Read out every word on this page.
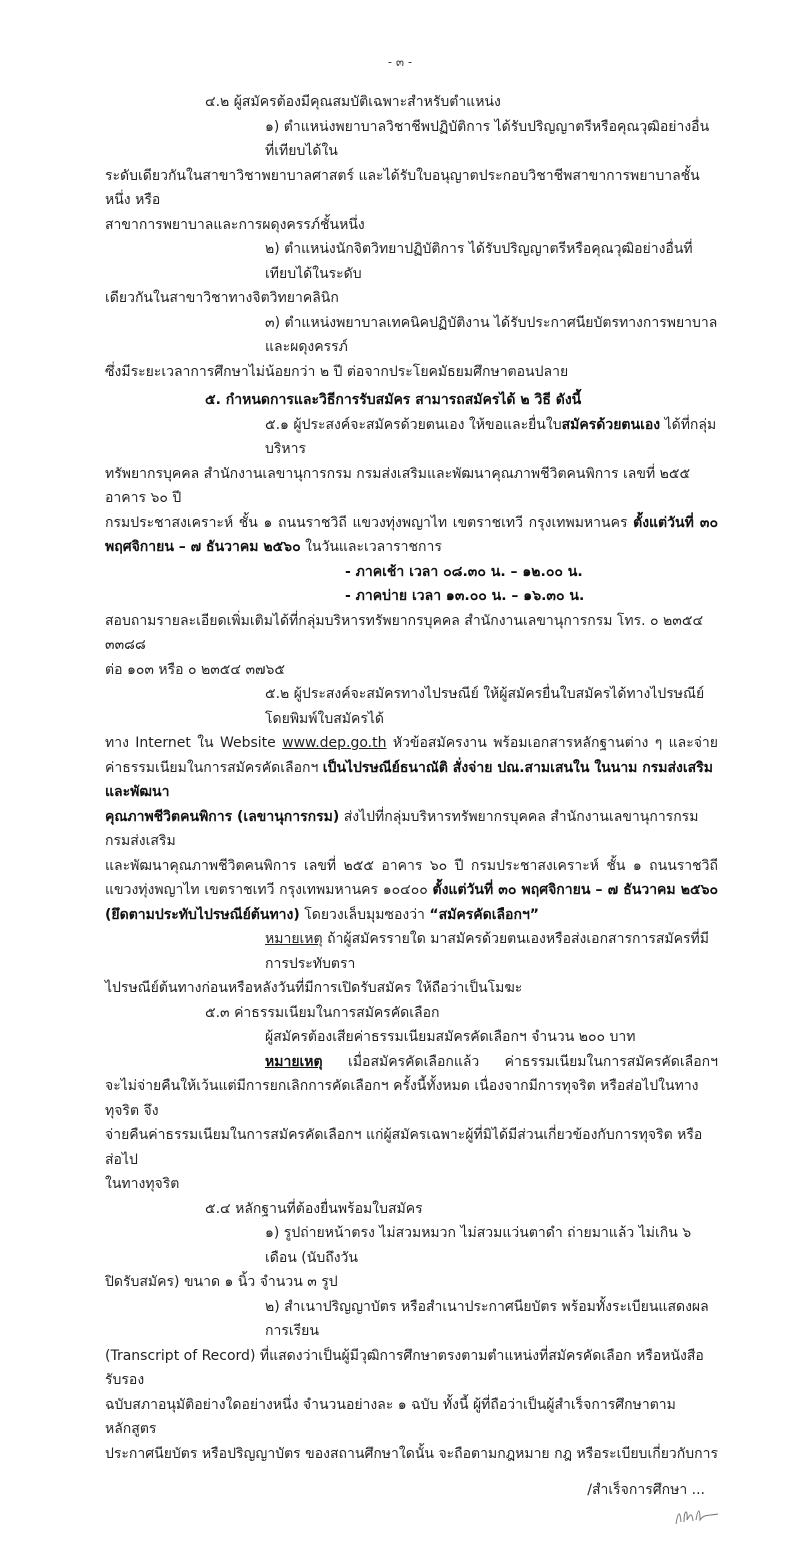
- ๓ -
๔.๒ ผู้สมัครต้องมีคุณสมบัติเฉพาะสำหรับตำแหน่ง
๑) ตำแหน่งพยาบาลวิชาชีพปฏิบัติการ ได้รับปริญญาตรีหรือคุณวุฒิอย่างอื่นที่เทียบได้ใน
ระดับเดียวกันในสาขาวิชาพยาบาลศาสตร์ และได้รับใบอนุญาตประกอบวิชาชีพสาขาการพยาบาลชั้นหนึ่ง หรือ
สาขาการพยาบาลและการผดุงครรภ์ชั้นหนึ่ง
๒) ตำแหน่งนักจิตวิทยาปฏิบัติการ ได้รับปริญญาตรีหรือคุณวุฒิอย่างอื่นที่เทียบได้ในระดับ
เดียวกันในสาขาวิชาทางจิตวิทยาคลินิก
๓) ตำแหน่งพยาบาลเทคนิคปฏิบัติงาน ได้รับประกาศนียบัตรทางการพยาบาลและผดุงครรภ์
ซึ่งมีระยะเวลาการศึกษาไม่น้อยกว่า ๒ ปี ต่อจากประโยคมัธยมศึกษาตอนปลาย
๕. กำหนดการและวิธีการรับสมัคร สามารถสมัครได้ ๒ วิธี ดังนี้
๕.๑ ผู้ประสงค์จะสมัครด้วยตนเอง ให้ขอและยื่นใบสมัครด้วยตนเอง ได้ที่กลุ่มบริหาร
ทรัพยากรบุคคล สำนักงานเลขานุการกรม กรมส่งเสริมและพัฒนาคุณภาพชีวิตคนพิการ เลขที่ ๒๕๕ อาคาร ๖๐ ปี
กรมประชาสงเคราะห์ ชั้น ๑ ถนนราชวิถี แขวงทุ่งพญาไท เขตราชเทวี กรุงเทพมหานคร ตั้งแต่วันที่ ๓๐
พฤศจิกายน – ๗ ธันวาคม ๒๕๖๐ ในวันและเวลาราชการ
- ภาคเช้า เวลา ๐๘.๓๐ น. – ๑๒.๐๐ น.
- ภาคบ่าย เวลา ๑๓.๐๐ น. – ๑๖.๓๐ น.
สอบถามรายละเอียดเพิ่มเติมได้ที่กลุ่มบริหารทรัพยากรบุคคล สำนักงานเลขานุการกรม โทร. ๐ ๒๓๕๔ ๓๓๘๘
ต่อ ๑๐๓ หรือ ๐ ๒๓๕๔ ๓๗๖๕
๕.๒ ผู้ประสงค์จะสมัครทางไปรษณีย์ ให้ผู้สมัครยื่นใบสมัครได้ทางไปรษณีย์ โดยพิมพ์ใบสมัครได้
ทาง Internet ใน Website www.dep.go.th หัวข้อสมัครงาน พร้อมเอกสารหลักฐานต่าง ๆ และจ่าย
ค่าธรรมเนียมในการสมัครคัดเลือกฯ เป็นไปรษณีย์ธนาณัติ สั่งจ่าย ปณ.สามเสนใน ในนาม กรมส่งเสริมและพัฒนา
คุณภาพชีวิตคนพิการ (เลขานุการกรม) ส่งไปที่กลุ่มบริหารทรัพยากรบุคคล สำนักงานเลขานุการกรม กรมส่งเสริม
และพัฒนาคุณภาพชีวิตคนพิการ เลขที่ ๒๕๕ อาคาร ๖๐ ปี กรมประชาสงเคราะห์ ชั้น ๑ ถนนราชวิถี
แขวงทุ่งพญาไท เขตราชเทวี กรุงเทพมหานคร ๑๐๔๐๐ ตั้งแต่วันที่ ๓๐ พฤศจิกายน – ๗ ธันวาคม ๒๕๖๐
(ยึดตามประทับไปรษณีย์ต้นทาง) โดยวงเล็บมุมซองว่า “สมัครคัดเลือกฯ”
หมายเหตุ ถ้าผู้สมัครรายใด มาสมัครด้วยตนเองหรือส่งเอกสารการสมัครที่มีการประทับตรา
ไปรษณีย์ต้นทางก่อนหรือหลังวันที่มีการเปิดรับสมัคร ให้ถือว่าเป็นโมฆะ
๕.๓ ค่าธรรมเนียมในการสมัครคัดเลือก
ผู้สมัครต้องเสียค่าธรรมเนียมสมัครคัดเลือกฯ จำนวน ๒๐๐ บาท
หมายเหตุ เมื่อสมัครคัดเลือกแล้ว ค่าธรรมเนียมในการสมัครคัดเลือกฯ
จะไม่จ่ายคืนให้เว้นแต่มีการยกเลิกการคัดเลือกฯ ครั้งนี้ทั้งหมด เนื่องจากมีการทุจริต หรือส่อไปในทางทุจริต จึง
จ่ายคืนค่าธรรมเนียมในการสมัครคัดเลือกฯ แก่ผู้สมัครเฉพาะผู้ที่มิได้มีส่วนเกี่ยวข้องกับการทุจริต หรือส่อไป
ในทางทุจริต
๕.๔ หลักฐานที่ต้องยื่นพร้อมใบสมัคร
๑) รูปถ่ายหน้าตรง ไม่สวมหมวก ไม่สวมแว่นตาดำ ถ่ายมาแล้ว ไม่เกิน ๖ เดือน (นับถึงวัน
ปิดรับสมัคร) ขนาด ๑ นิ้ว จำนวน ๓ รูป
๒) สำเนาปริญญาบัตร หรือสำเนาประกาศนียบัตร พร้อมทั้งระเบียนแสดงผลการเรียน
(Transcript of Record) ที่แสดงว่าเป็นผู้มีวุฒิการศึกษาตรงตามตำแหน่งที่สมัครคัดเลือก หรือหนังสือรับรอง
ฉบับสภาอนุมัติอย่างใดอย่างหนึ่ง จำนวนอย่างละ ๑ ฉบับ ทั้งนี้ ผู้ที่ถือว่าเป็นผู้สำเร็จการศึกษาตามหลักสูตร
ประกาศนียบัตร หรือปริญญาบัตร ของสถานศึกษาใดนั้น จะถือตามกฎหมาย กฎ หรือระเบียบเกี่ยวกับการ
/สำเร็จการศึกษา ...
